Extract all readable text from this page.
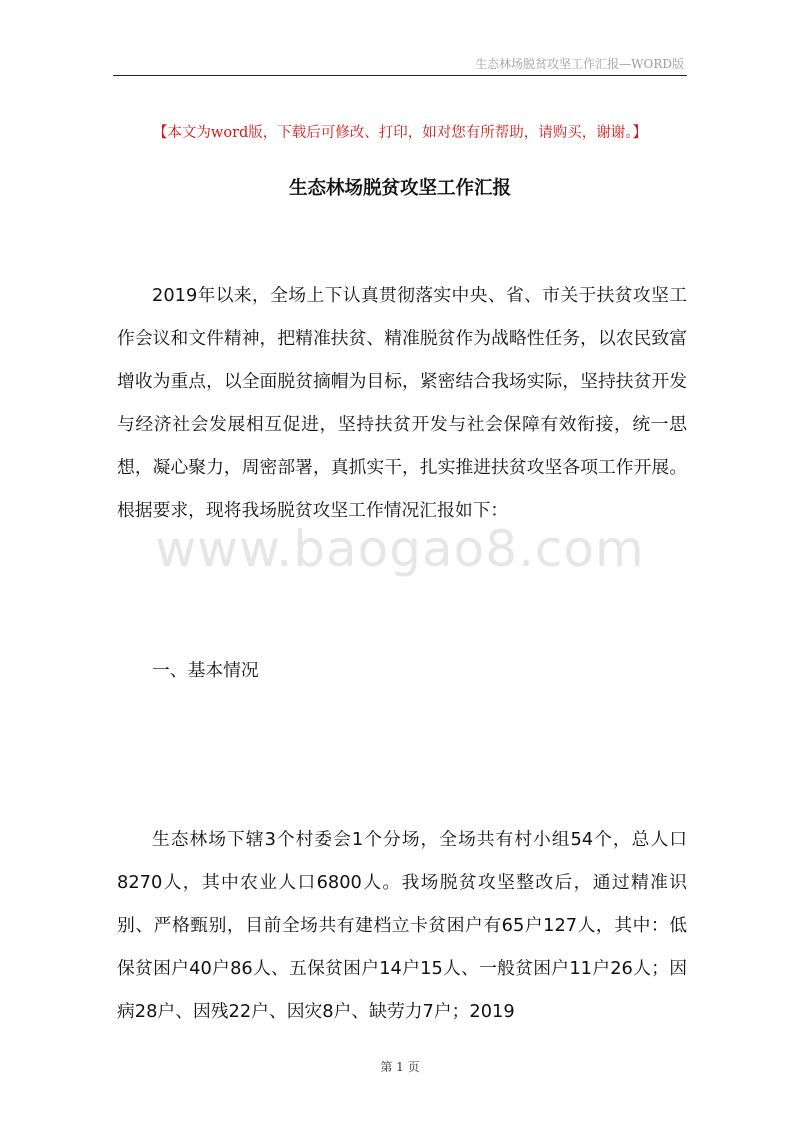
生态林场脱贫攻坚工作汇报—WORD版
【本文为word版，下载后可修改、打印，如对您有所帮助，请购买，谢谢。】
生态林场脱贫攻坚工作汇报

2019年以来，全场上下认真贯彻落实中央、省、市关于扶贫攻坚工作会议和文件精神，把精准扶贫、精准脱贫作为战略性任务，以农民致富增收为重点，以全面脱贫摘帽为目标，紧密结合我场实际，坚持扶贫开发与经济社会发展相互促进，坚持扶贫开发与社会保障有效衔接，统一思想，凝心聚力，周密部署，真抓实干，扎实推进扶贫攻坚各项工作开展。根据要求，现将我场脱贫攻坚工作情况汇报如下：

www.baogao8.com
一、基本情况

生态林场下辖3个村委会1个分场，全场共有村小组54个，总人口8270人，其中农业人口6800人。我场脱贫攻坚整改后，通过精准识别、严格甄别，目前全场共有建档立卡贫困户有65户127人，其中：低保贫困户40户86人、五保贫困户14户15人、一般贫困户11户26人；因病28户、因残22户、因灾8户、缺劳力7户；2019

第 1 页
